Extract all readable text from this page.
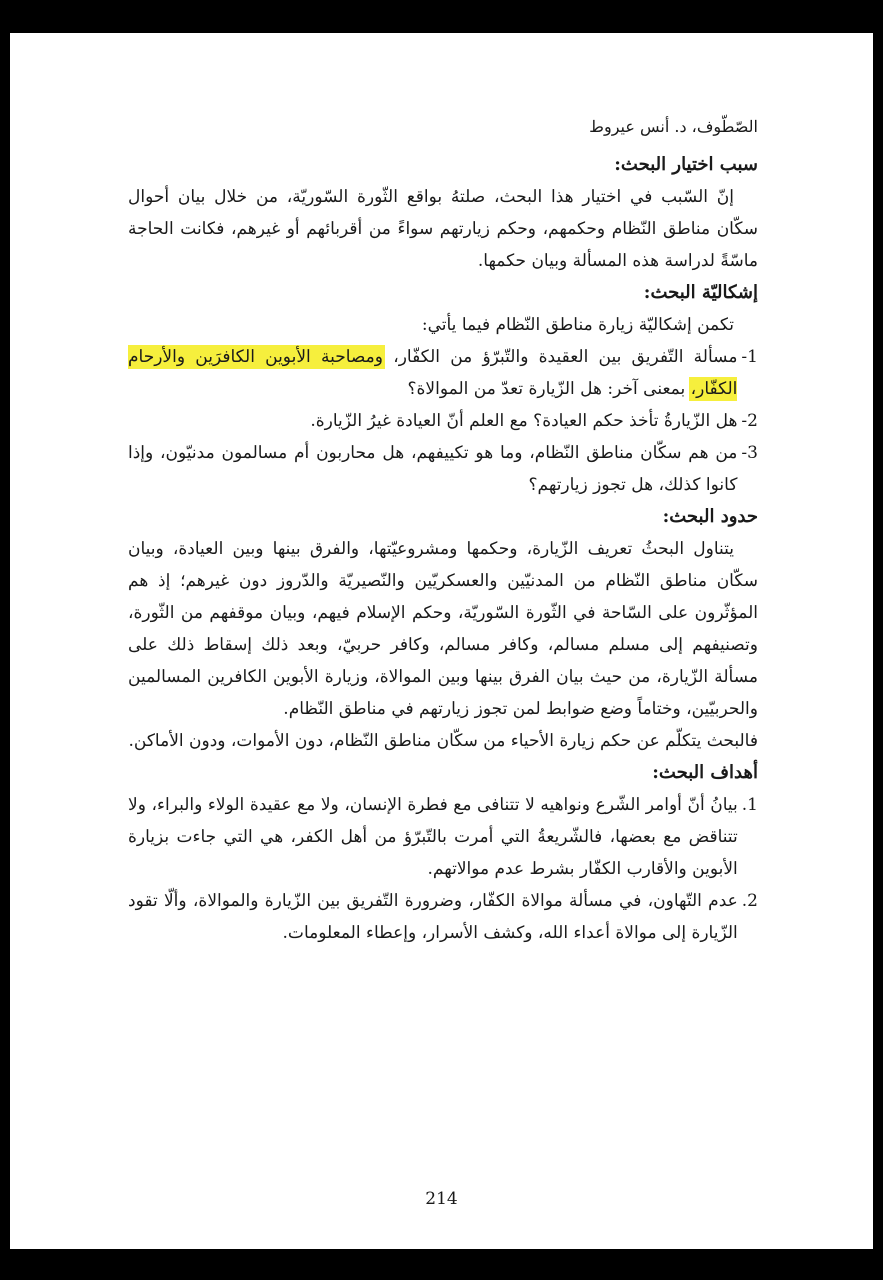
الصّطّوف، د. أنس عيروط
سبب اختيار البحث:

إنّ السّبب في اختيار هذا البحث، صلتهُ بواقع الثّورة السّوريّة، من خلال بيان أحوال سكّان مناطق النّظام وحكمهم، وحكم زيارتهم سواءً من أقربائهم أو غيرهم، فكانت الحاجة ماسّةً لدراسة هذه المسألة وبيان حكمها.

إشكاليّة البحث:

تكمن إشكاليّة زيارة مناطق النّظام فيما يأتي:

1-
مسألة التّفريق بين العقيدة والتّبرّؤ من الكفّار، ومصاحبة الأبوين الكافرَين والأرحام الكفّار، بمعنى آخر: هل الزّيارة تعدّ من الموالاة؟
2-
هل الزّيارةُ تأخذ حكم العيادة؟ مع العلم أنّ العيادة غيرُ الزّيارة.
3-
من هم سكّان مناطق النّظام، وما هو تكييفهم، هل محاربون أم مسالمون مدنيّون، وإذا كانوا كذلك، هل تجوز زيارتهم؟
حدود البحث:

يتناول البحثُ تعريف الزّيارة، وحكمها ومشروعيّتها، والفرق بينها وبين العيادة، وبيان سكّان مناطق النّظام من المدنيّين والعسكريّين والنّصيريّة والدّروز دون غيرهم؛ إذ هم المؤثّرون على السّاحة في الثّورة السّوريّة، وحكم الإسلام فيهم، وبيان موقفهم من الثّورة، وتصنيفهم إلى مسلم مسالم، وكافر مسالم، وكافر حربيّ، وبعد ذلك إسقاط ذلك على مسألة الزّيارة، من حيث بيان الفرق بينها وبين الموالاة، وزيارة الأبوين الكافرين المسالمين والحربيّين، وختاماً وضع ضوابط لمن تجوز زيارتهم في مناطق النّظام.

فالبحث يتكلّم عن حكم زيارة الأحياء من سكّان مناطق النّظام، دون الأموات، ودون الأماكن.

أهداف البحث:
1.
بيانُ أنّ أوامر الشّرع ونواهيه لا تتنافى مع فطرة الإنسان، ولا مع عقيدة الولاء والبراء، ولا تتناقض مع بعضها، فالشّريعةُ التي أمرت بالتّبرّؤ من أهل الكفر، هي التي جاءت بزيارة الأبوين والأقارب الكفّار بشرط عدم موالاتهم.
2.
عدم التّهاون، في مسألة موالاة الكفّار، وضرورة التّفريق بين الزّيارة والموالاة، وألّا تقود الزّيارة إلى موالاة أعداء الله، وكشف الأسرار، وإعطاء المعلومات.
214
